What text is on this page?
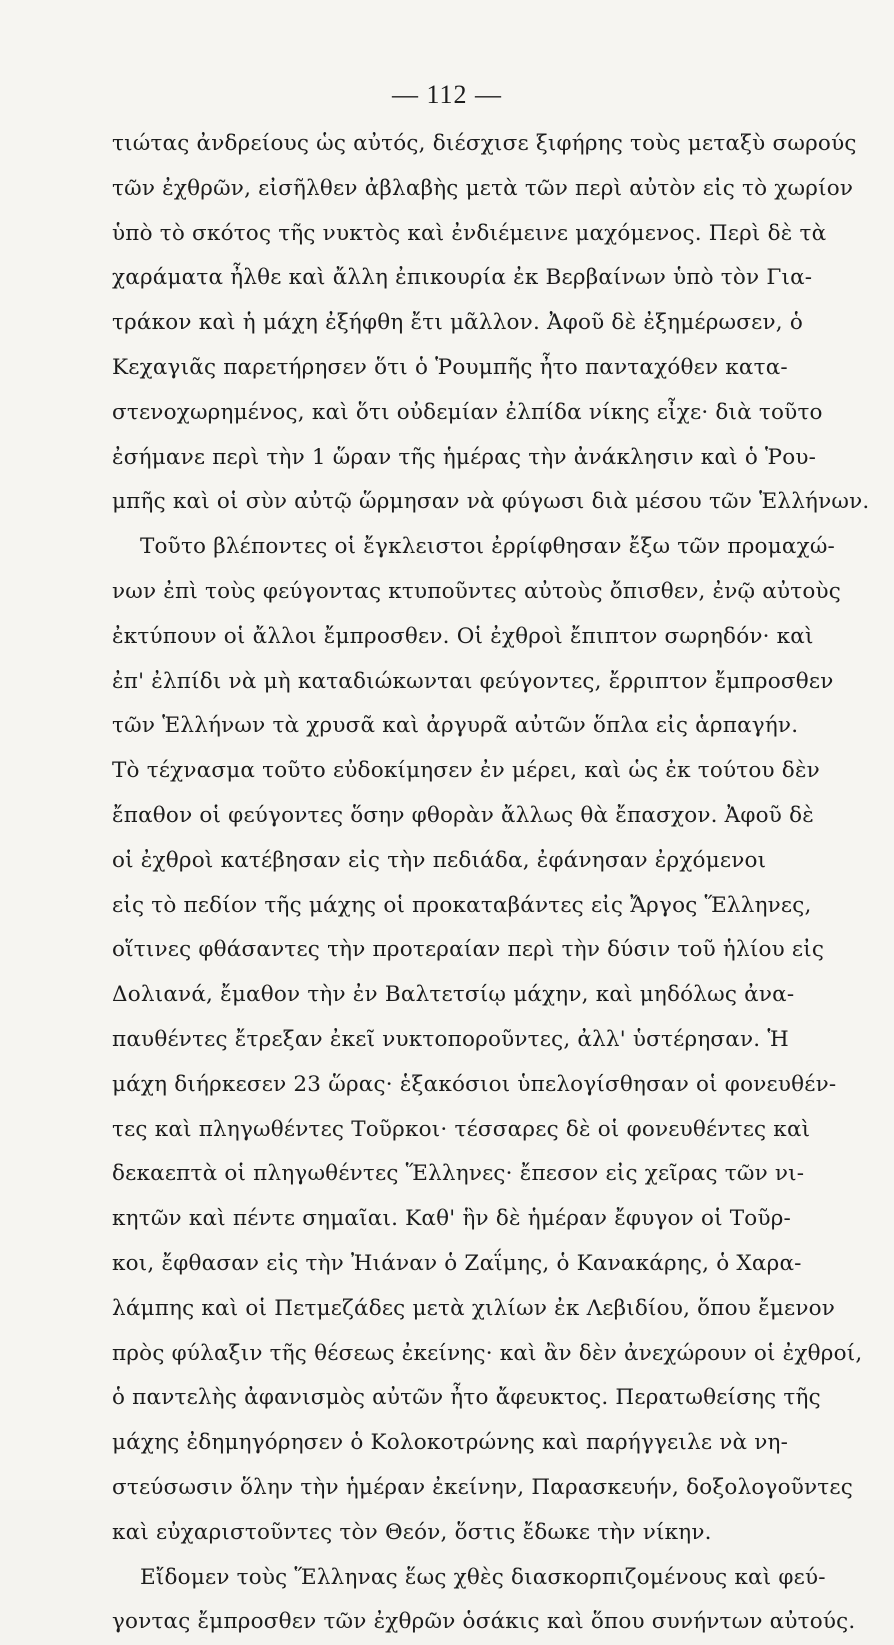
— 112 —
τιώτας ἀνδρείους ὡς αὐτός, διέσχισε ξιφήρης τοὺς μεταξὺ σωρούς
τῶν ἐχθρῶν, εἰσῆλθεν ἀβλαβὴς μετὰ τῶν περὶ αὐτὸν εἰς τὸ χωρίον
ὑπὸ τὸ σκότος τῆς νυκτὸς καὶ ἐνδιέμεινε μαχόμενος. Περὶ δὲ τὰ
χαράματα ἦλθε καὶ ἄλλη ἐπικουρία ἐκ Βερβαίνων ὑπὸ τὸν Για-
τράκον καὶ ἡ μάχη ἐξήφθη ἔτι μᾶλλον. Ἀφοῦ δὲ ἐξημέρωσεν, ὁ
Κεχαγιᾶς παρετήρησεν ὅτι ὁ Ῥουμπῆς ἦτο πανταχόθεν κατα-
στενοχωρημένος, καὶ ὅτι οὐδεμίαν ἐλπίδα νίκης εἶχε· διὰ τοῦτο
ἐσήμανε περὶ τὴν 1 ὥραν τῆς ἡμέρας τὴν ἀνάκλησιν καὶ ὁ Ῥου-
μπῆς καὶ οἱ σὺν αὐτῷ ὥρμησαν νὰ φύγωσι διὰ μέσου τῶν Ἑλλήνων.
Τοῦτο βλέποντες οἱ ἔγκλειστοι ἐρρίφθησαν ἔξω τῶν προμαχώ-
νων ἐπὶ τοὺς φεύγοντας κτυποῦντες αὐτοὺς ὄπισθεν, ἐνῷ αὐτοὺς
ἐκτύπουν οἱ ἄλλοι ἔμπροσθεν. Οἱ ἐχθροὶ ἔπιπτον σωρηδόν· καὶ
ἐπ' ἐλπίδι νὰ μὴ καταδιώκωνται φεύγοντες, ἔρριπτον ἔμπροσθεν
τῶν Ἑλλήνων τὰ χρυσᾶ καὶ ἀργυρᾶ αὐτῶν ὅπλα εἰς ἁρπαγήν.
Τὸ τέχνασμα τοῦτο εὐδοκίμησεν ἐν μέρει, καὶ ὡς ἐκ τούτου δὲν
ἔπαθον οἱ φεύγοντες ὅσην φθορὰν ἄλλως θὰ ἔπασχον. Ἀφοῦ δὲ
οἱ ἐχθροὶ κατέβησαν εἰς τὴν πεδιάδα, ἐφάνησαν ἐρχόμενοι
εἰς τὸ πεδίον τῆς μάχης οἱ προκαταβάντες εἰς Ἄργος Ἕλληνες,
οἵτινες φθάσαντες τὴν προτεραίαν περὶ τὴν δύσιν τοῦ ἡλίου εἰς
Δολιανά, ἔμαθον τὴν ἐν Βαλτετσίῳ μάχην, καὶ μηδόλως ἀνα-
παυθέντες ἔτρεξαν ἐκεῖ νυκτοποροῦντες, ἀλλ' ὑστέρησαν. Ἡ
μάχη διήρκεσεν 23 ὥρας· ἑξακόσιοι ὑπελογίσθησαν οἱ φονευθέν-
τες καὶ πληγωθέντες Τοῦρκοι· τέσσαρες δὲ οἱ φονευθέντες καὶ
δεκαεπτὰ οἱ πληγωθέντες Ἕλληνες· ἔπεσον εἰς χεῖρας τῶν νι-
κητῶν καὶ πέντε σημαῖαι. Καθ' ἣν δὲ ἡμέραν ἔφυγον οἱ Τοῦρ-
κοι, ἔφθασαν εἰς τὴν Ἠιάναν ὁ Ζαΐμης, ὁ Κανακάρης, ὁ Χαρα-
λάμπης καὶ οἱ Πετμεζάδες μετὰ χιλίων ἐκ Λεβιδίου, ὅπου ἔμενον
πρὸς φύλαξιν τῆς θέσεως ἐκείνης· καὶ ἂν δὲν ἀνεχώρουν οἱ ἐχθροί,
ὁ παντελὴς ἀφανισμὸς αὐτῶν ἦτο ἄφευκτος. Περατωθείσης τῆς
μάχης ἐδημηγόρησεν ὁ Κολοκοτρώνης καὶ παρήγγειλε νὰ νη-
στεύσωσιν ὅλην τὴν ἡμέραν ἐκείνην, Παρασκευήν, δοξολογοῦντες
καὶ εὐχαριστοῦντες τὸν Θεόν, ὅστις ἔδωκε τὴν νίκην.
Εἴδομεν τοὺς Ἕλληνας ἕως χθὲς διασκορπιζομένους καὶ φεύ-
γοντας ἔμπροσθεν τῶν ἐχθρῶν ὁσάκις καὶ ὅπου συνήντων αὐτούς.
